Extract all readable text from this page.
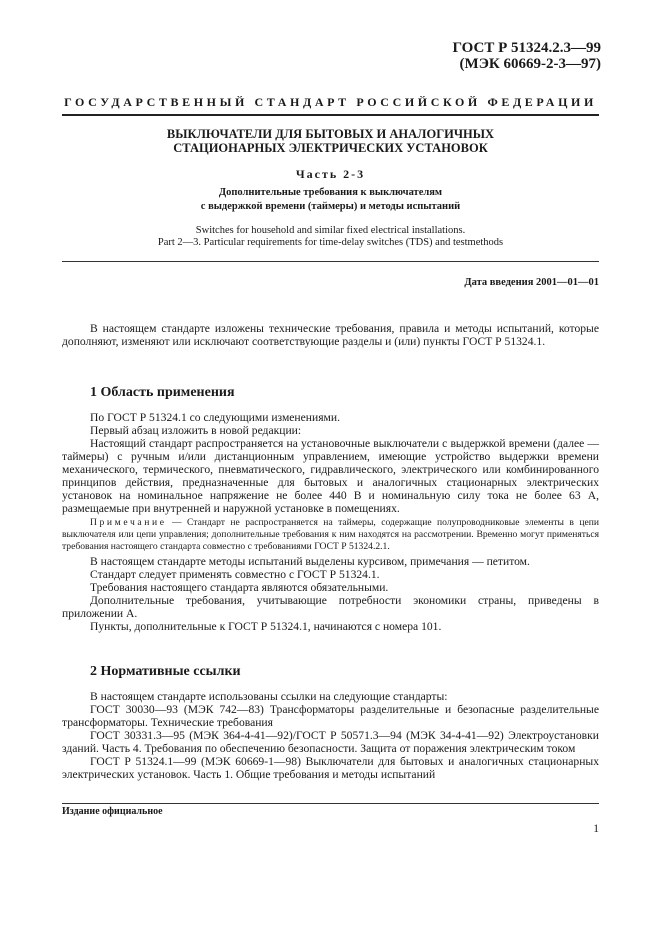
ГОСТ Р 51324.2.3—99
(МЭК 60669-2-3—97)
ГОСУДАРСТВЕННЫЙ СТАНДАРТ РОССИЙСКОЙ ФЕДЕРАЦИИ
ВЫКЛЮЧАТЕЛИ ДЛЯ БЫТОВЫХ И АНАЛОГИЧНЫХ
СТАЦИОНАРНЫХ ЭЛЕКТРИЧЕСКИХ УСТАНОВОК
Часть 2-3
Дополнительные требования к выключателям
с выдержкой времени (таймеры) и методы испытаний
Switches for household and similar fixed electrical installations.
Part 2—3. Particular requirements for time-delay switches (TDS) and testmethods
Дата введения 2001—01—01

В настоящем стандарте изложены технические требования, правила и методы испытаний, которые дополняют, изменяют или исключают соответствующие разделы и (или) пункты ГОСТ Р 51324.1.

1 Область применения

По ГОСТ Р 51324.1 со следующими изменениями.

Первый абзац изложить в новой редакции:

Настоящий стандарт распространяется на установочные выключатели с выдержкой времени (далее — таймеры) с ручным и/или дистанционным управлением, имеющие устройство выдержки времени механического, термического, пневматического, гидравлического, электрического или комбинированного принципов действия, предназначенные для бытовых и аналогичных стационарных электрических установок на номинальное напряжение не более 440 В и номинальную силу тока не более 63 А, размещаемые при внутренней и наружной установке в помещениях.

Примечание — Стандарт не распространяется на таймеры, содержащие полупроводниковые элементы в цепи выключателя или цепи управления; дополнительные требования к ним находятся на рассмотрении. Временно могут применяться требования настоящего стандарта совместно с требованиями ГОСТ Р 51324.2.1.

В настоящем стандарте методы испытаний выделены курсивом, примечания — петитом.

Стандарт следует применять совместно с ГОСТ Р 51324.1.

Требования настоящего стандарта являются обязательными.

Дополнительные требования, учитывающие потребности экономики страны, приведены в приложении А.

Пункты, дополнительные к ГОСТ Р 51324.1, начинаются с номера 101.

2 Нормативные ссылки

В настоящем стандарте использованы ссылки на следующие стандарты:

ГОСТ 30030—93 (МЭК 742—83) Трансформаторы разделительные и безопасные разделительные трансформаторы. Технические требования

ГОСТ 30331.3—95 (МЭК 364-4-41—92)/ГОСТ Р 50571.3—94 (МЭК 34-4-41—92) Электроустановки зданий. Часть 4. Требования по обеспечению безопасности. Защита от поражения электрическим током

ГОСТ Р 51324.1—99 (МЭК 60669-1—98) Выключатели для бытовых и аналогичных стационарных электрических установок. Часть 1. Общие требования и методы испытаний

Издание официальное
1
